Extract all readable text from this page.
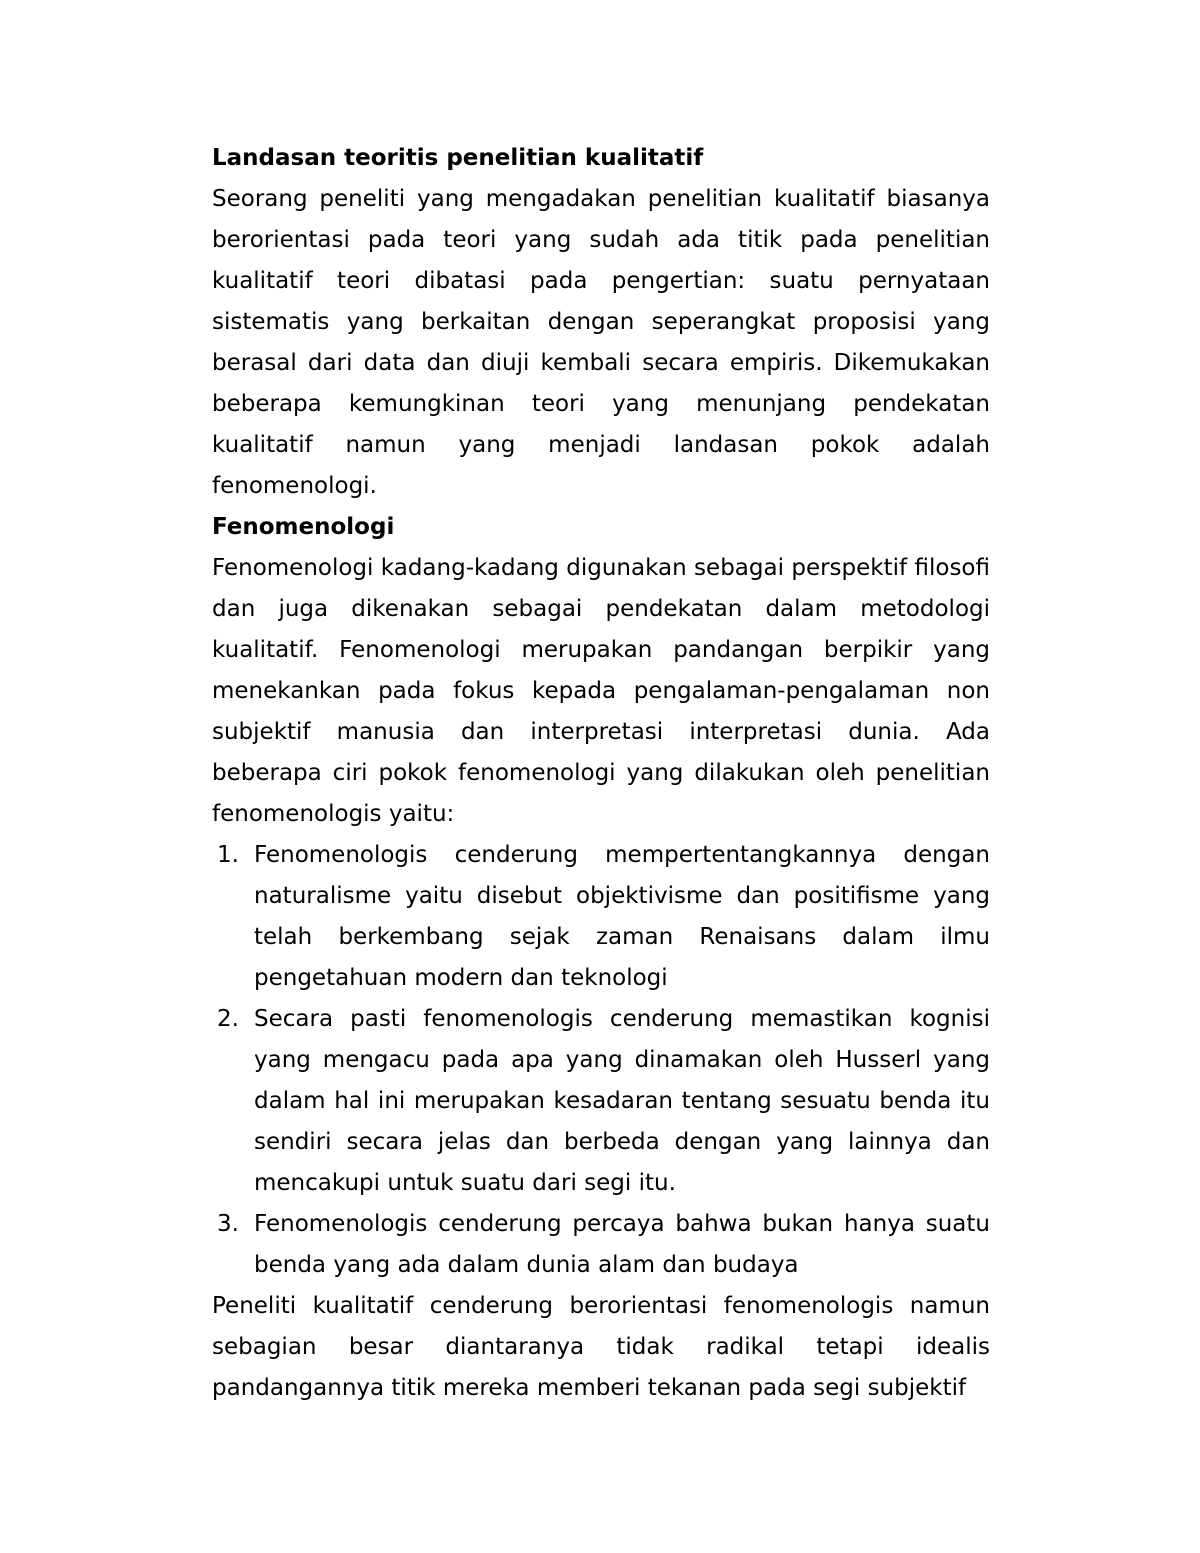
Landasan teoritis penelitian kualitatif

Seorang peneliti yang mengadakan penelitian kualitatif biasanya berorientasi pada teori yang sudah ada titik pada penelitian kualitatif teori dibatasi pada pengertian: suatu pernyataan sistematis yang berkaitan dengan seperangkat proposisi yang berasal dari data dan diuji kembali secara empiris. Dikemukakan beberapa kemungkinan teori yang menunjang pendekatan kualitatif namun yang menjadi landasan pokok adalah fenomenologi.

Fenomenologi

Fenomenologi kadang-kadang digunakan sebagai perspektif filosofi dan juga dikenakan sebagai pendekatan dalam metodologi kualitatif. Fenomenologi merupakan pandangan berpikir yang menekankan pada fokus kepada pengalaman-pengalaman non subjektif manusia dan interpretasi interpretasi dunia. Ada beberapa ciri pokok fenomenologi yang dilakukan oleh penelitian fenomenologis yaitu:

1. Fenomenologis cenderung mempertentangkannya dengan naturalisme yaitu disebut objektivisme dan positifisme yang telah berkembang sejak zaman Renaisans dalam ilmu pengetahuan modern dan teknologi
2. Secara pasti fenomenologis cenderung memastikan kognisi yang mengacu pada apa yang dinamakan oleh Husserl yang dalam hal ini merupakan kesadaran tentang sesuatu benda itu sendiri secara jelas dan berbeda dengan yang lainnya dan mencakupi untuk suatu dari segi itu.
3. Fenomenologis cenderung percaya bahwa bukan hanya suatu benda yang ada dalam dunia alam dan budaya

Peneliti kualitatif cenderung berorientasi fenomenologis namun sebagian besar diantaranya tidak radikal tetapi idealis pandangannya titik mereka memberi tekanan pada segi subjektif
